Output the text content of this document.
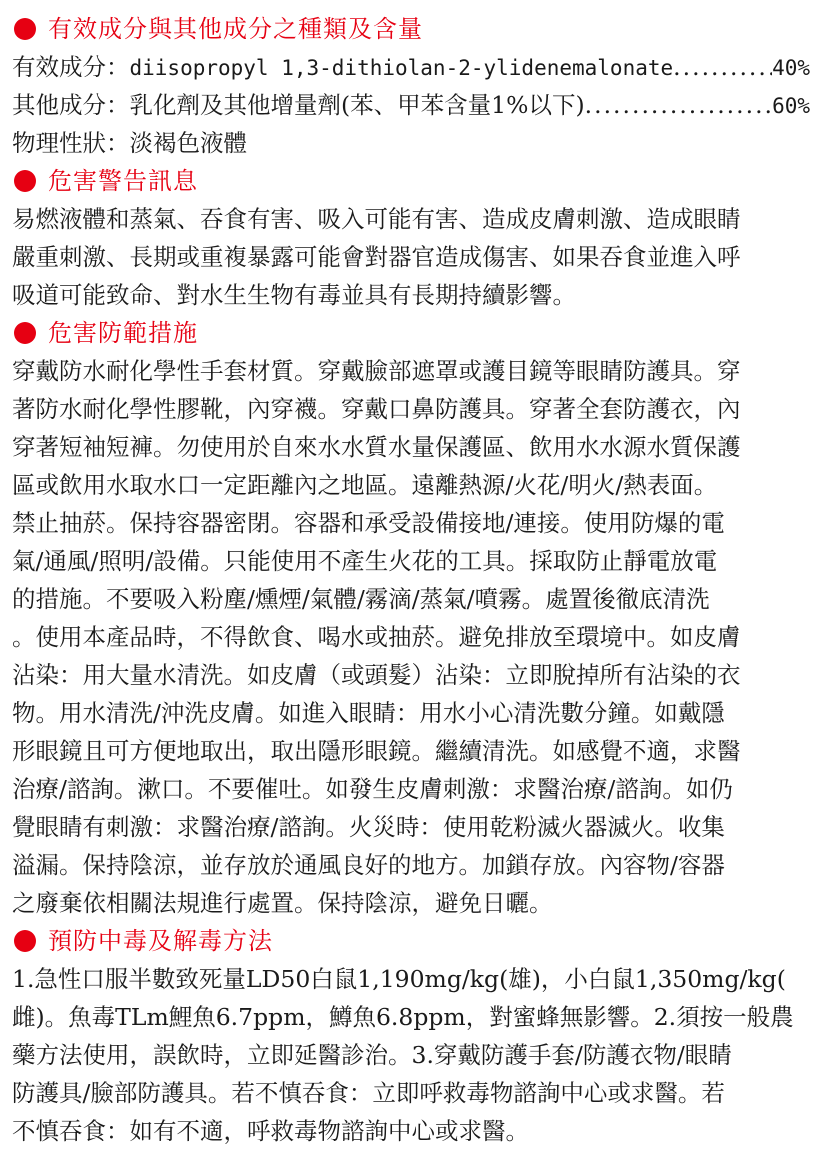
有效成分與其他成分之種類及含量
有效成分： diisopropyl 1,3-dithiolan-2-ylidenemalonate .....	40%
其他成分： 乳化劑及其他增量劑(苯、甲苯含量1%以下) .....	60%
物理性狀：淡褐色液體
危害警告訊息
易燃液體和蒸氣、吞食有害、吸入可能有害、造成皮膚刺激、造成眼睛
嚴重刺激、長期或重複暴露可能會對器官造成傷害、如果吞食並進入呼
吸道可能致命、對水生生物有毒並具有長期持續影響。
危害防範措施
穿戴防水耐化學性手套材質。穿戴臉部遮罩或護目鏡等眼睛防護具。穿
著防水耐化學性膠靴，內穿襪。穿戴口鼻防護具。穿著全套防護衣，內
穿著短袖短褲。勿使用於自來水水質水量保護區、飲用水水源水質保護
區或飲用水取水口一定距離內之地區。遠離熱源/火花/明火/熱表面。
禁止抽菸。保持容器密閉。容器和承受設備接地/連接。使用防爆的電
氣/通風/照明/設備。只能使用不產生火花的工具。採取防止靜電放電
的措施。不要吸入粉塵/燻煙/氣體/霧滴/蒸氣/噴霧。處置後徹底清洗
。使用本產品時，不得飲食、喝水或抽菸。避免排放至環境中。如皮膚
沾染：用大量水清洗。如皮膚（或頭髮）沾染：立即脫掉所有沾染的衣
物。用水清洗/沖洗皮膚。如進入眼睛：用水小心清洗數分鐘。如戴隱
形眼鏡且可方便地取出，取出隱形眼鏡。繼續清洗。如感覺不適，求醫
治療/諮詢。漱口。不要催吐。如發生皮膚刺激：求醫治療/諮詢。如仍
覺眼睛有刺激：求醫治療/諮詢。火災時：使用乾粉滅火器滅火。收集
溢漏。保持陰涼，並存放於通風良好的地方。加鎖存放。內容物/容器
之廢棄依相關法規進行處置。保持陰涼，避免日曬。
預防中毒及解毒方法
1.急性口服半數致死量LD50白鼠1,190mg/kg(雄)，小白鼠1,350mg/kg(
雌)。魚毒TLm鯉魚6.7ppm，鱒魚6.8ppm，對蜜蜂無影響。2.須按一般農
藥方法使用，誤飲時，立即延醫診治。3.穿戴防護手套/防護衣物/眼睛
防護具/臉部防護具。若不慎吞食：立即呼救毒物諮詢中心或求醫。若
不慎吞食：如有不適，呼救毒物諮詢中心或求醫。
